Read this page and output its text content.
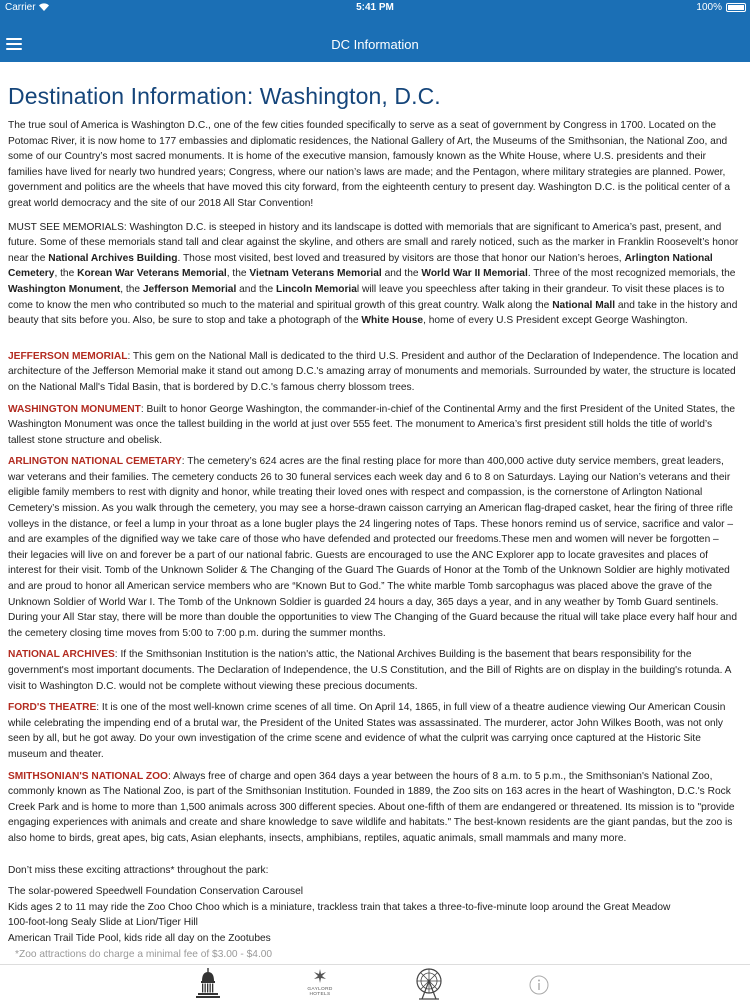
Carrier	5:41 PM	100%
DC Information
Destination Information: Washington, D.C.

The true soul of America is Washington D.C., one of the few cities founded specifically to serve as a seat of government by Congress in 1700. Located on the Potomac River, it is now home to 177 embassies and diplomatic residences, the National Gallery of Art, the Museums of the Smithsonian, the National Zoo, and some of our Country’s most sacred monuments. It is home of the executive mansion, famously known as the White House, where U.S. presidents and their families have lived for nearly two hundred years; Congress, where our nation’s laws are made; and the Pentagon, where military strategies are planned. Power, government and politics are the wheels that have moved this city forward, from the eighteenth century to present day. Washington D.C. is the political center of a great world democracy and the site of our 2018 All Star Convention!

MUST SEE MEMORIALS: Washington D.C. is steeped in history and its landscape is dotted with memorials that are significant to America’s past, present, and future. Some of these memorials stand tall and clear against the skyline, and others are small and rarely noticed, such as the marker in Franklin Roosevelt’s honor near the National Archives Building. Those most visited, best loved and treasured by visitors are those that honor our Nation’s heroes, Arlington National Cemetery, the Korean War Veterans Memorial, the Vietnam Veterans Memorial and the World War II Memorial. Three of the most recognized memorials, the Washington Monument, the Jefferson Memorial and the Lincoln Memorial will leave you speechless after taking in their grandeur. To visit these places is to come to know the men who contributed so much to the material and spiritual growth of this great country. Walk along the National Mall and take in the history and beauty that sits before you. Also, be sure to stop and take a photograph of the White House, home of every U.S President except George Washington.

JEFFERSON MEMORIAL: This gem on the National Mall is dedicated to the third U.S. President and author of the Declaration of Independence. The location and architecture of the Jefferson Memorial make it stand out among D.C.'s amazing array of monuments and memorials. Surrounded by water, the structure is located on the National Mall's Tidal Basin, that is bordered by D.C.'s famous cherry blossom trees.

WASHINGTON MONUMENT: Built to honor George Washington, the commander-in-chief of the Continental Army and the first President of the United States, the Washington Monument was once the tallest building in the world at just over 555 feet. The monument to America’s first president still holds the title of world’s tallest stone structure and obelisk.

ARLINGTON NATIONAL CEMETARY: The cemetery’s 624 acres are the final resting place for more than 400,000 active duty service members, great leaders, war veterans and their families. The cemetery conducts 26 to 30 funeral services each week day and 6 to 8 on Saturdays. Laying our Nation’s veterans and their eligible family members to rest with dignity and honor, while treating their loved ones with respect and compassion, is the cornerstone of Arlington National Cemetery’s mission. As you walk through the cemetery, you may see a horse-drawn caisson carrying an American flag-draped casket, hear the firing of three rifle volleys in the distance, or feel a lump in your throat as a lone bugler plays the 24 lingering notes of Taps. These honors remind us of service, sacrifice and valor – and are examples of the dignified way we take care of those who have defended and protected our freedoms.These men and women will never be forgotten – their legacies will live on and forever be a part of our national fabric. Guests are encouraged to use the ANC Explorer app to locate gravesites and places of interest for their visit. Tomb of the Unknown Solider & The Changing of the Guard The Guards of Honor at the Tomb of the Unknown Soldier are highly motivated and are proud to honor all American service members who are “Known But to God.” The white marble Tomb sarcophagus was placed above the grave of the Unknown Soldier of World War I. The Tomb of the Unknown Soldier is guarded 24 hours a day, 365 days a year, and in any weather by Tomb Guard sentinels. During your All Star stay, there will be more than double the opportunities to view The Changing of the Guard because the ritual will take place every half hour and the cemetery closing time moves from 5:00 to 7:00 p.m. during the summer months.

NATIONAL ARCHIVES: If the Smithsonian Institution is the nation's attic, the National Archives Building is the basement that bears responsibility for the government's most important documents. The Declaration of Independence, the U.S Constitution, and the Bill of Rights are on display in the building's rotunda. A visit to Washington D.C. would not be complete without viewing these precious documents.

FORD'S THEATRE: It is one of the most well-known crime scenes of all time. On April 14, 1865, in full view of a theatre audience viewing Our American Cousin while celebrating the impending end of a brutal war, the President of the United States was assassinated. The murderer, actor John Wilkes Booth, was not only seen by all, but he got away. Do your own investigation of the crime scene and evidence of what the culprit was carrying once captured at the Historic Site museum and theater.

SMITHSONIAN'S NATIONAL ZOO: Always free of charge and open 364 days a year between the hours of 8 a.m. to 5 p.m., the Smithsonian's National Zoo, commonly known as The National Zoo, is part of the Smithsonian Institution. Founded in 1889, the Zoo sits on 163 acres in the heart of Washington, D.C.'s Rock Creek Park and is home to more than 1,500 animals across 300 different species. About one-fifth of them are endangered or threatened. Its mission is to "provide engaging experiences with animals and create and share knowledge to save wildlife and habitats." The best-known residents are the giant pandas, but the zoo is also home to birds, great apes, big cats, Asian elephants, insects, amphibians, reptiles, aquatic animals, small mammals and many more.

Don’t miss these exciting attractions* throughout the park:

The solar-powered Speedwell Foundation Conservation Carousel
Kids ages 2 to 11 may ride the Zoo Choo Choo which is a miniature, trackless train that takes a three-to-five-minute loop around the Great Meadow
100-foot-long Sealy Slide at Lion/Tiger Hill
American Trail Tide Pool, kids ride all day on the Zootubes
*Zoo attractions do charge a minimal fee of $3.00 - $4.00

GAYLORD
HOTELS
